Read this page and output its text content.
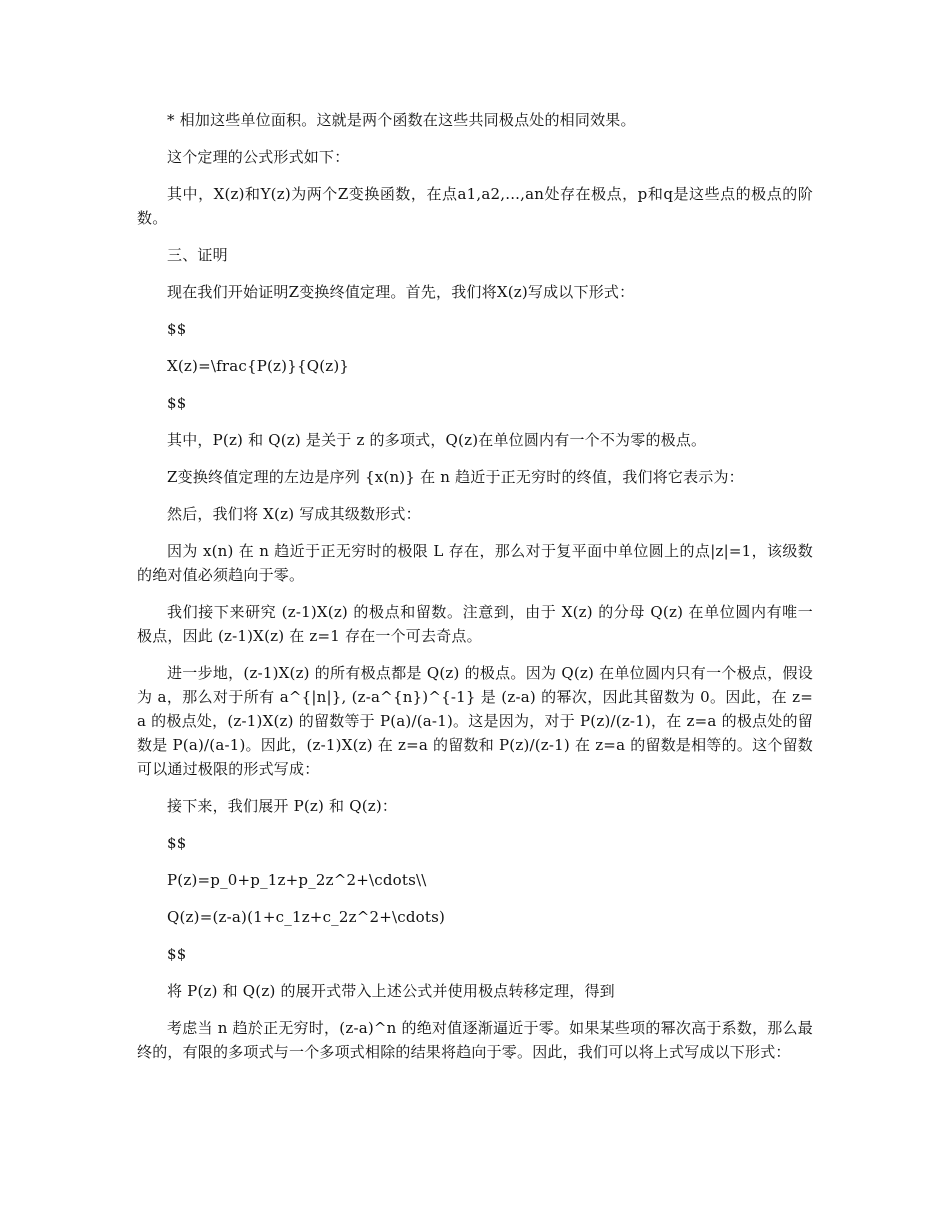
* 相加这些单位面积。这就是两个函数在这些共同极点处的相同效果。

这个定理的公式形式如下：

其中，X(z)和Y(z)为两个Z变换函数，在点a1,a2,...,an处存在极点，p和q是这些点的极点的阶数。

三、证明

现在我们开始证明Z变换终值定理。首先，我们将X(z)写成以下形式：

$$

X(z)=\frac{P(z)}{Q(z)}

$$

其中，P(z) 和 Q(z) 是关于 z 的多项式，Q(z)在单位圆内有一个不为零的极点。

Z变换终值定理的左边是序列 {x(n)} 在 n 趋近于正无穷时的终值，我们将它表示为：

然后，我们将 X(z) 写成其级数形式：

因为 x(n) 在 n 趋近于正无穷时的极限 L 存在，那么对于复平面中单位圆上的点|z|=1，该级数的绝对值必须趋向于零。

我们接下来研究 (z-1)X(z) 的极点和留数。注意到，由于 X(z) 的分母 Q(z) 在单位圆内有唯一极点，因此 (z-1)X(z) 在 z=1 存在一个可去奇点。

进一步地，(z-1)X(z) 的所有极点都是 Q(z) 的极点。因为 Q(z) 在单位圆内只有一个极点，假设为 a，那么对于所有 a^{|n|}, (z-a^{n})^{-1} 是 (z-a) 的幂次，因此其留数为 0。因此，在 z=a 的极点处，(z-1)X(z) 的留数等于 P(a)/(a-1)。这是因为，对于 P(z)/(z-1)，在 z=a 的极点处的留数是 P(a)/(a-1)。因此，(z-1)X(z) 在 z=a 的留数和 P(z)/(z-1) 在 z=a 的留数是相等的。这个留数可以通过极限的形式写成：

接下来，我们展开 P(z) 和 Q(z)：

$$

P(z)=p_0+p_1z+p_2z^2+\cdots\\

Q(z)=(z-a)(1+c_1z+c_2z^2+\cdots)

$$

将 P(z) 和 Q(z) 的展开式带入上述公式并使用极点转移定理，得到

考虑当 n 趋於正无穷时，(z-a)^n 的绝对值逐渐逼近于零。如果某些项的幂次高于系数，那么最终的，有限的多项式与一个多项式相除的结果将趋向于零。因此，我们可以将上式写成以下形式：
